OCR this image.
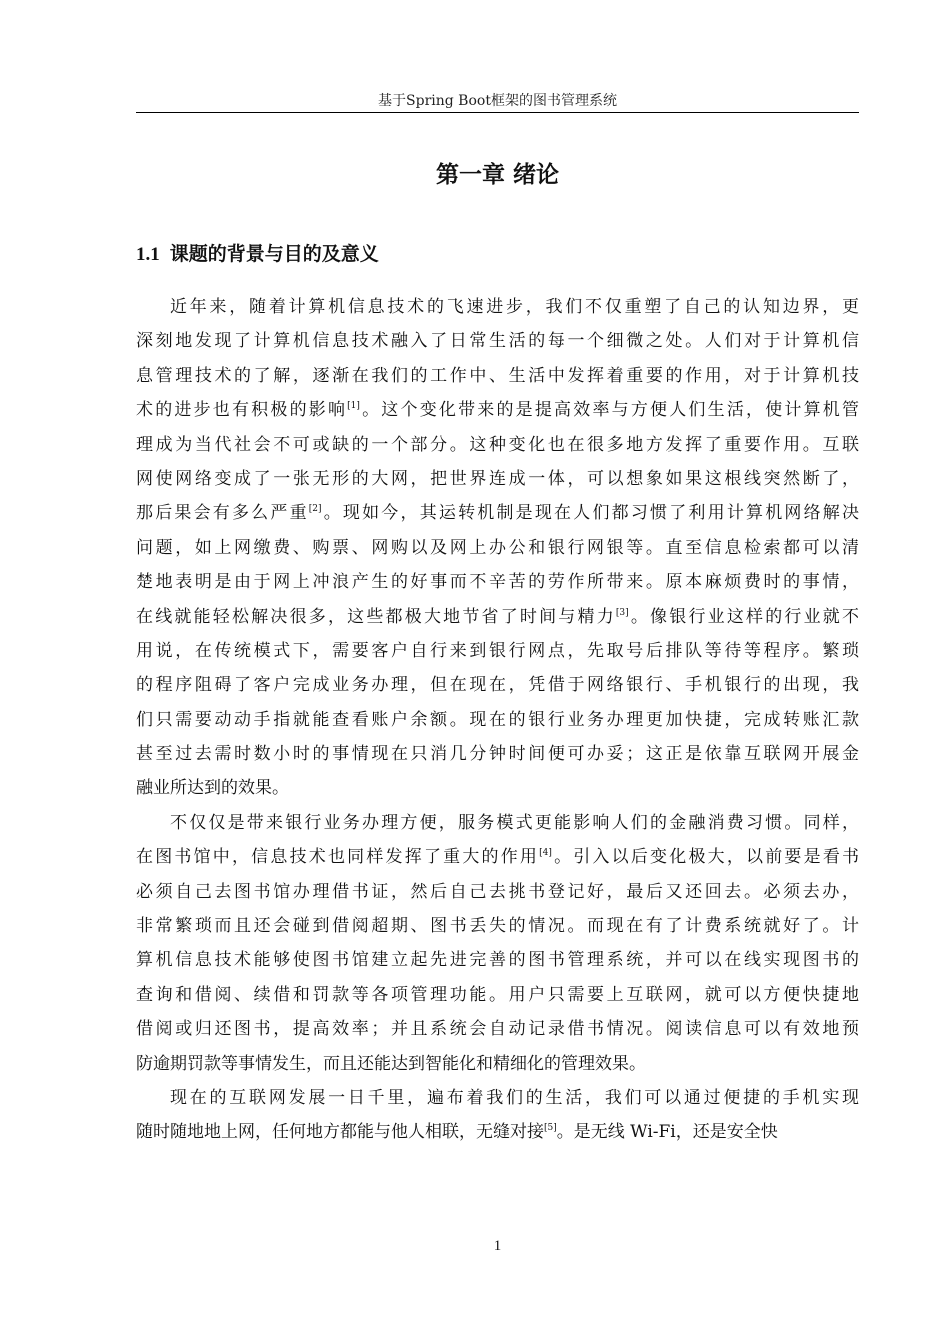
基于Spring Boot框架的图书管理系统
第一章 绪论
1.1 课题的背景与目的及意义
近年来，随着计算机信息技术的飞速进步，我们不仅重塑了自己的认知边界，更
深刻地发现了计算机信息技术融入了日常生活的每一个细微之处。人们对于计算机信
息管理技术的了解，逐渐在我们的工作中、生活中发挥着重要的作用，对于计算机技
术的进步也有积极的影响[1]。这个变化带来的是提高效率与方便人们生活，使计算机管
理成为当代社会不可或缺的一个部分。这种变化也在很多地方发挥了重要作用。互联
网使网络变成了一张无形的大网，把世界连成一体，可以想象如果这根线突然断了，
那后果会有多么严重[2]。现如今，其运转机制是现在人们都习惯了利用计算机网络解决
问题，如上网缴费、购票、网购以及网上办公和银行网银等。直至信息检索都可以清
楚地表明是由于网上冲浪产生的好事而不辛苦的劳作所带来。原本麻烦费时的事情，
在线就能轻松解决很多，这些都极大地节省了时间与精力[3]。像银行业这样的行业就不
用说，在传统模式下，需要客户自行来到银行网点，先取号后排队等待等程序。繁琐
的程序阻碍了客户完成业务办理，但在现在，凭借于网络银行、手机银行的出现，我
们只需要动动手指就能查看账户余额。现在的银行业务办理更加快捷，完成转账汇款
甚至过去需时数小时的事情现在只消几分钟时间便可办妥；这正是依靠互联网开展金
融业所达到的效果。
不仅仅是带来银行业务办理方便，服务模式更能影响人们的金融消费习惯。同样，
在图书馆中，信息技术也同样发挥了重大的作用[4]。引入以后变化极大，以前要是看书
必须自己去图书馆办理借书证，然后自己去挑书登记好，最后又还回去。必须去办，
非常繁琐而且还会碰到借阅超期、图书丢失的情况。而现在有了计费系统就好了。计
算机信息技术能够使图书馆建立起先进完善的图书管理系统，并可以在线实现图书的
查询和借阅、续借和罚款等各项管理功能。用户只需要上互联网，就可以方便快捷地
借阅或归还图书，提高效率；并且系统会自动记录借书情况。阅读信息可以有效地预
防逾期罚款等事情发生，而且还能达到智能化和精细化的管理效果。
现在的互联网发展一日千里，遍布着我们的生活，我们可以通过便捷的手机实现
随时随地地上网，任何地方都能与他人相联，无缝对接[5]。是无线 Wi-Fi，还是安全快
1
